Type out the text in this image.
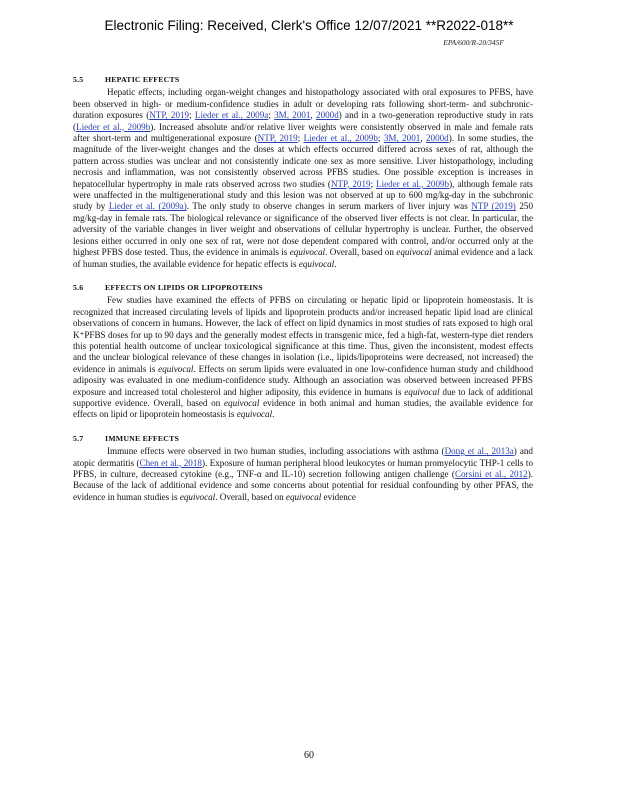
Electronic Filing: Received, Clerk's Office 12/07/2021 **R2022-018**
EPA/600/R-20/345F
5.5	HEPATIC EFFECTS

Hepatic effects, including organ-weight changes and histopathology associated with oral exposures to PFBS, have been observed in high- or medium-confidence studies in adult or developing rats following short-term- and subchronic-duration exposures (NTP, 2019; Lieder et al., 2009a; 3M, 2001, 2000d) and in a two-generation reproductive study in rats (Lieder et al., 2009b). Increased absolute and/or relative liver weights were consistently observed in male and female rats after short-term and multigenerational exposure (NTP, 2019; Lieder et al., 2009b; 3M, 2001, 2000d). In some studies, the magnitude of the liver-weight changes and the doses at which effects occurred differed across sexes of rat, although the pattern across studies was unclear and not consistently indicate one sex as more sensitive. Liver histopathology, including necrosis and inflammation, was not consistently observed across PFBS studies. One possible exception is increases in hepatocellular hypertrophy in male rats observed across two studies (NTP, 2019; Lieder et al., 2009b), although female rats were unaffected in the multigenerational study and this lesion was not observed at up to 600 mg/kg-day in the subchronic study by Lieder et al. (2009a). The only study to observe changes in serum markers of liver injury was NTP (2019) 250 mg/kg-day in female rats. The biological relevance or significance of the observed liver effects is not clear. In particular, the adversity of the variable changes in liver weight and observations of cellular hypertrophy is unclear. Further, the observed lesions either occurred in only one sex of rat, were not dose dependent compared with control, and/or occurred only at the highest PFBS dose tested. Thus, the evidence in animals is equivocal. Overall, based on equivocal animal evidence and a lack of human studies, the available evidence for hepatic effects is equivocal.

5.6	EFFECTS ON LIPIDS OR LIPOPROTEINS

Few studies have examined the effects of PFBS on circulating or hepatic lipid or lipoprotein homeostasis. It is recognized that increased circulating levels of lipids and lipoprotein products and/or increased hepatic lipid load are clinical observations of concern in humans. However, the lack of effect on lipid dynamics in most studies of rats exposed to high oral K⁺PFBS doses for up to 90 days and the generally modest effects in transgenic mice, fed a high-fat, western-type diet renders this potential health outcome of unclear toxicological significance at this time. Thus, given the inconsistent, modest effects and the unclear biological relevance of these changes in isolation (i.e., lipids/lipoproteins were decreased, not increased) the evidence in animals is equivocal. Effects on serum lipids were evaluated in one low-confidence human study and childhood adiposity was evaluated in one medium-confidence study. Although an association was observed between increased PFBS exposure and increased total cholesterol and higher adiposity, this evidence in humans is equivocal due to lack of additional supportive evidence. Overall, based on equivocal evidence in both animal and human studies, the available evidence for effects on lipid or lipoprotein homeostasis is equivocal.

5.7	IMMUNE EFFECTS

Immune effects were observed in two human studies, including associations with asthma (Dong et al., 2013a) and atopic dermatitis (Chen et al., 2018). Exposure of human peripheral blood leukocytes or human promyelocytic THP-1 cells to PFBS, in culture, decreased cytokine (e.g., TNF-α and IL-10) secretion following antigen challenge (Corsini et al., 2012). Because of the lack of additional evidence and some concerns about potential for residual confounding by other PFAS, the evidence in human studies is equivocal. Overall, based on equivocal evidence

60
